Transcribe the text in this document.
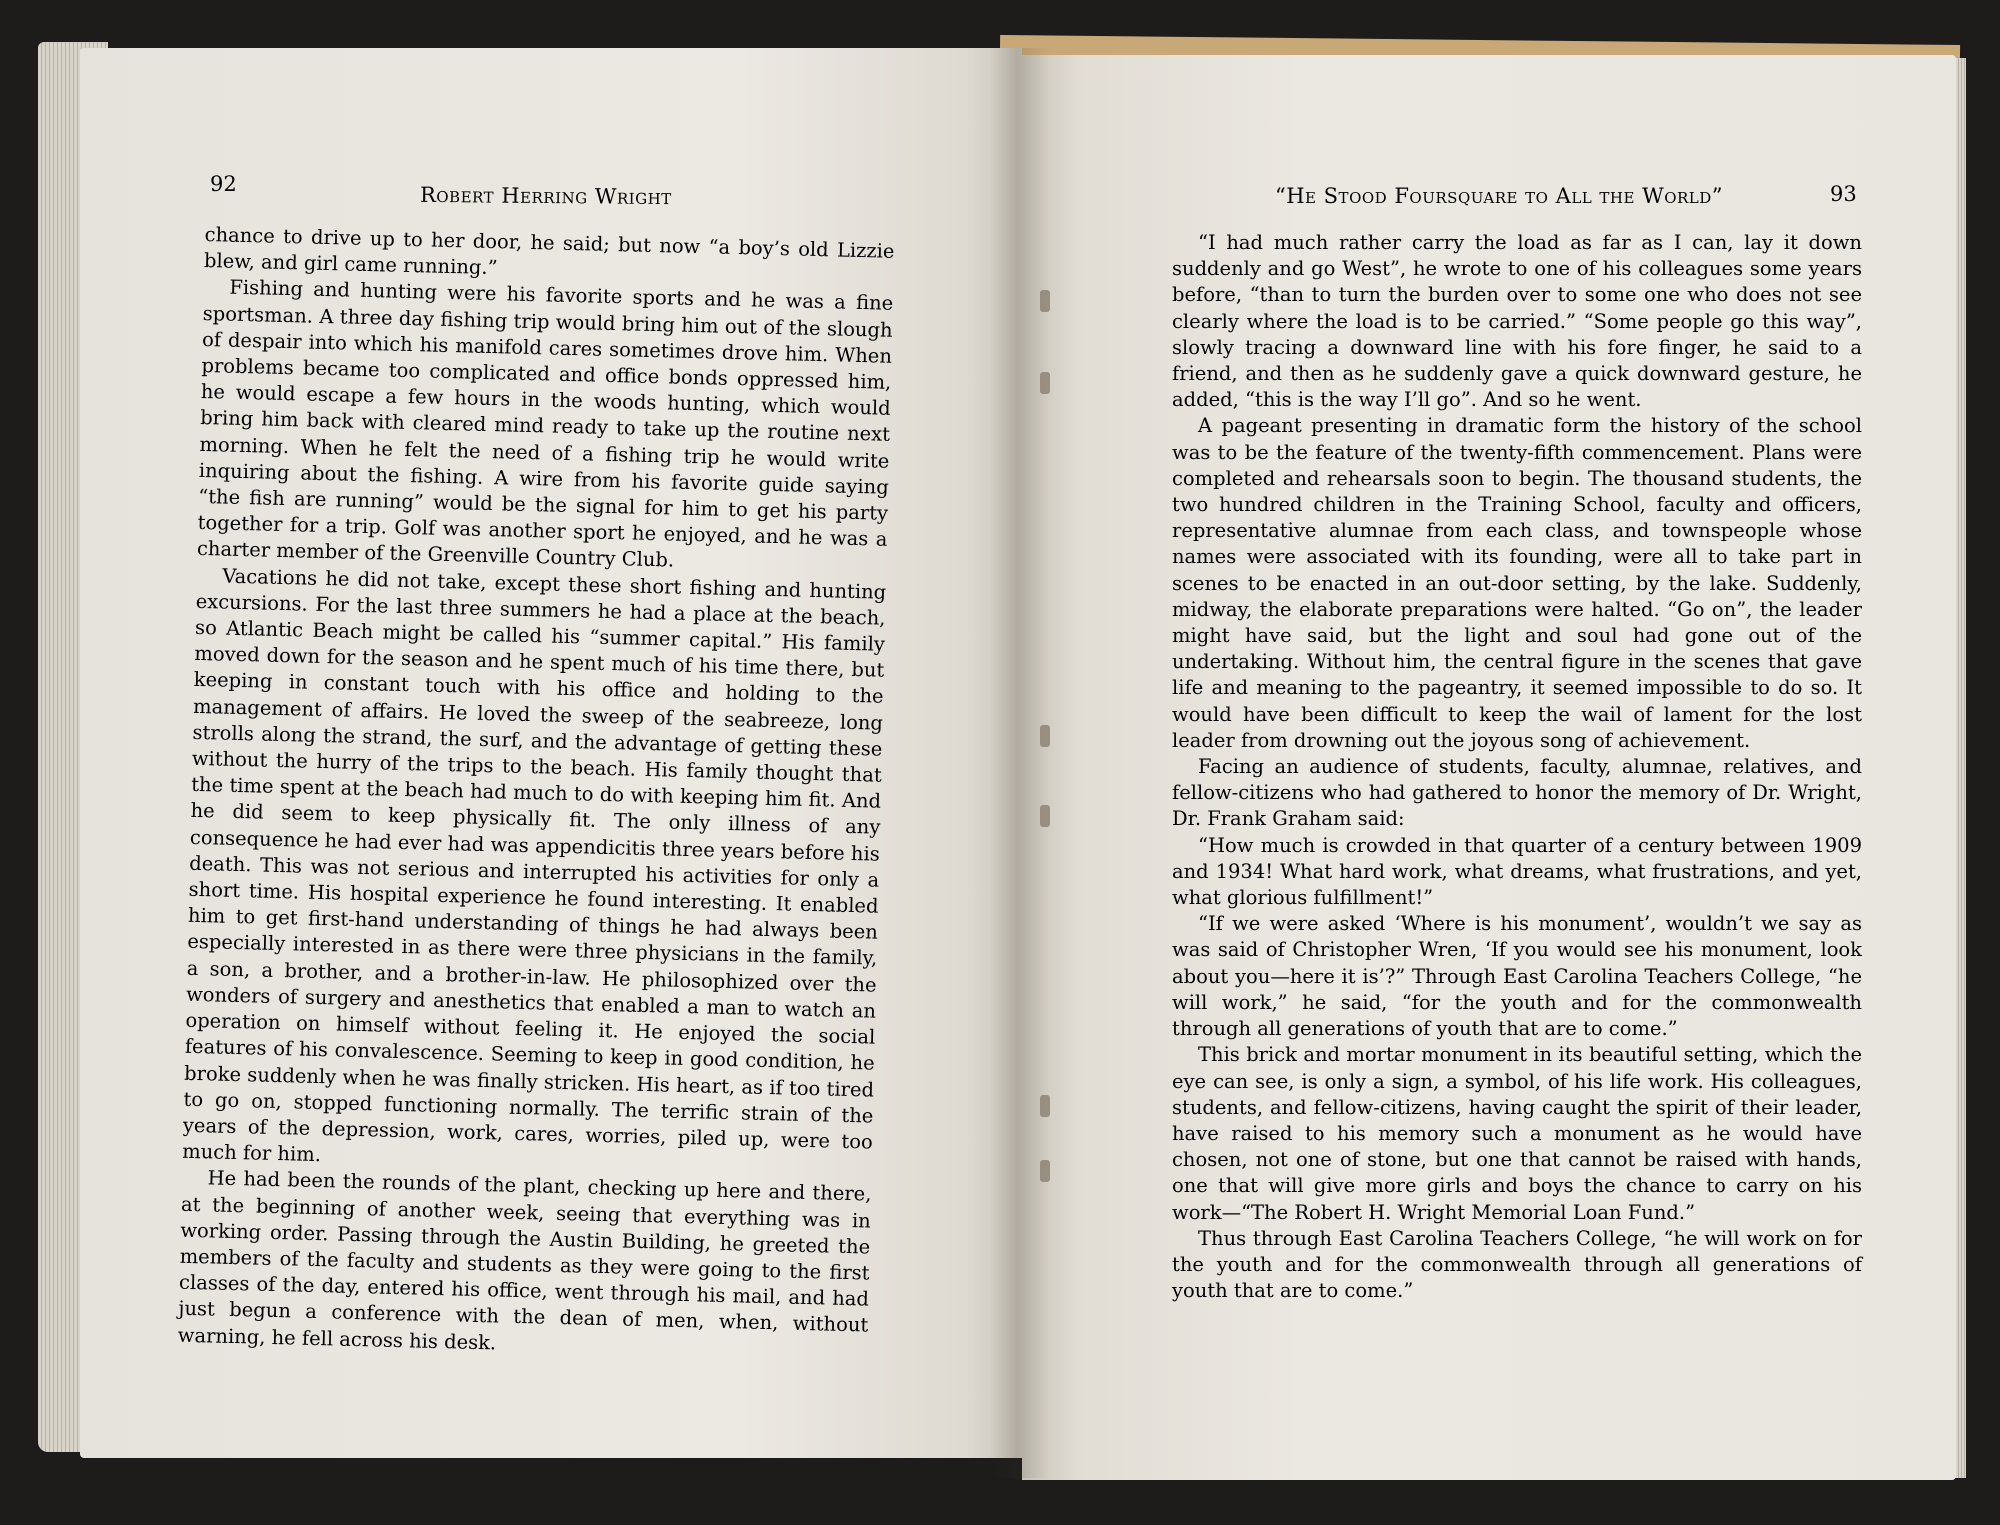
92	Robert Herring Wright

chance to drive up to her door, he said; but now “a boy’s old Lizzie blew, and girl came running.”

Fishing and hunting were his favorite sports and he was a fine sportsman. A three day fishing trip would bring him out of the slough of despair into which his manifold cares sometimes drove him. When problems became too complicated and office bonds oppressed him, he would escape a few hours in the woods hunting, which would bring him back with cleared mind ready to take up the routine next morning. When he felt the need of a fishing trip he would write inquiring about the fishing. A wire from his favorite guide saying “the fish are running” would be the signal for him to get his party together for a trip. Golf was another sport he enjoyed, and he was a charter member of the Greenville Country Club.

Vacations he did not take, except these short fishing and hunting excursions. For the last three summers he had a place at the beach, so Atlantic Beach might be called his “summer capital.” His family moved down for the season and he spent much of his time there, but keeping in constant touch with his office and holding to the management of affairs. He loved the sweep of the seabreeze, long strolls along the strand, the surf, and the advantage of getting these without the hurry of the trips to the beach. His family thought that the time spent at the beach had much to do with keeping him fit. And he did seem to keep physically fit. The only illness of any consequence he had ever had was appendicitis three years before his death. This was not serious and interrupted his activities for only a short time. His hospital experience he found interesting. It enabled him to get first-hand understanding of things he had always been especially interested in as there were three physicians in the family, a son, a brother, and a brother-in-law. He philosophized over the wonders of surgery and anesthetics that enabled a man to watch an operation on himself without feeling it. He enjoyed the social features of his convalescence. Seeming to keep in good condition, he broke suddenly when he was finally stricken. His heart, as if too tired to go on, stopped functioning normally. The terrific strain of the years of the depression, work, cares, worries, piled up, were too much for him.

He had been the rounds of the plant, checking up here and there, at the beginning of another week, seeing that everything was in working order. Passing through the Austin Building, he greeted the members of the faculty and students as they were going to the first classes of the day, entered his office, went through his mail, and had just begun a conference with the dean of men, when, without warning, he fell across his desk.

“He Stood Foursquare to All the World”	93

“I had much rather carry the load as far as I can, lay it down suddenly and go West”, he wrote to one of his colleagues some years before, “than to turn the burden over to some one who does not see clearly where the load is to be carried.” “Some people go this way”, slowly tracing a downward line with his fore finger, he said to a friend, and then as he suddenly gave a quick downward gesture, he added, “this is the way I’ll go”. And so he went.

A pageant presenting in dramatic form the history of the school was to be the feature of the twenty-fifth commencement. Plans were completed and rehearsals soon to begin. The thousand students, the two hundred children in the Training School, faculty and officers, representative alumnae from each class, and townspeople whose names were associated with its founding, were all to take part in scenes to be enacted in an out-door setting, by the lake. Suddenly, midway, the elaborate preparations were halted. “Go on”, the leader might have said, but the light and soul had gone out of the undertaking. Without him, the central figure in the scenes that gave life and meaning to the pageantry, it seemed impossible to do so. It would have been difficult to keep the wail of lament for the lost leader from drowning out the joyous song of achievement.

Facing an audience of students, faculty, alumnae, relatives, and fellow-citizens who had gathered to honor the memory of Dr. Wright, Dr. Frank Graham said:

“How much is crowded in that quarter of a century between 1909 and 1934! What hard work, what dreams, what frustrations, and yet, what glorious fulfillment!”

“If we were asked ‘Where is his monument’, wouldn’t we say as was said of Christopher Wren, ‘If you would see his monument, look about you—here it is’?” Through East Carolina Teachers College, “he will work,” he said, “for the youth and for the commonwealth through all generations of youth that are to come.”

This brick and mortar monument in its beautiful setting, which the eye can see, is only a sign, a symbol, of his life work. His colleagues, students, and fellow-citizens, having caught the spirit of their leader, have raised to his memory such a monument as he would have chosen, not one of stone, but one that cannot be raised with hands, one that will give more girls and boys the chance to carry on his work—“The Robert H. Wright Memorial Loan Fund.”

Thus through East Carolina Teachers College, “he will work on for the youth and for the commonwealth through all generations of youth that are to come.”
